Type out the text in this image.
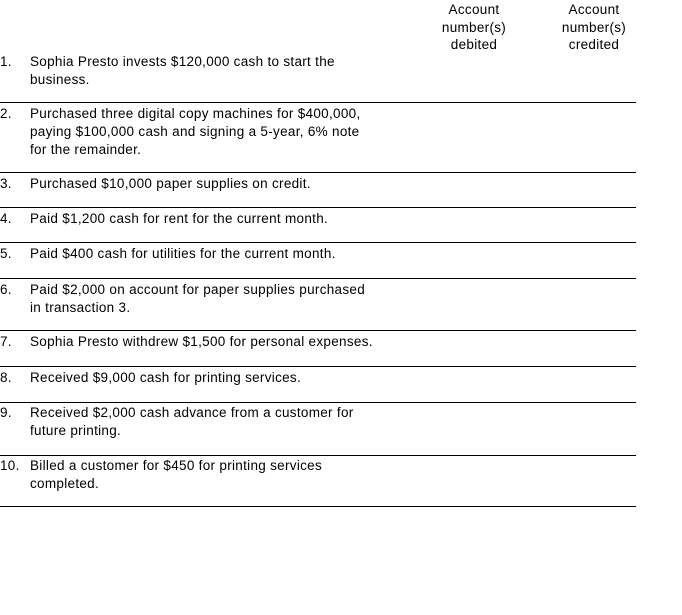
Account
number(s)
debited
Account
number(s)
credited
1.	Sophia Presto invests $120,000 cash to start the
business.
2.	Purchased three digital copy machines for $400,000,
paying $100,000 cash and signing a 5-year, 6% note
for the remainder.
3.	Purchased $10,000 paper supplies on credit.
4.	Paid $1,200 cash for rent for the current month.
5.	Paid $400 cash for utilities for the current month.
6.	Paid $2,000 on account for paper supplies purchased
in transaction 3.
7.	Sophia Presto withdrew $1,500 for personal expenses.
8.	Received $9,000 cash for printing services.
9.	Received $2,000 cash advance from a customer for
future printing.
10. Billed a customer for $450 for printing services
completed.
